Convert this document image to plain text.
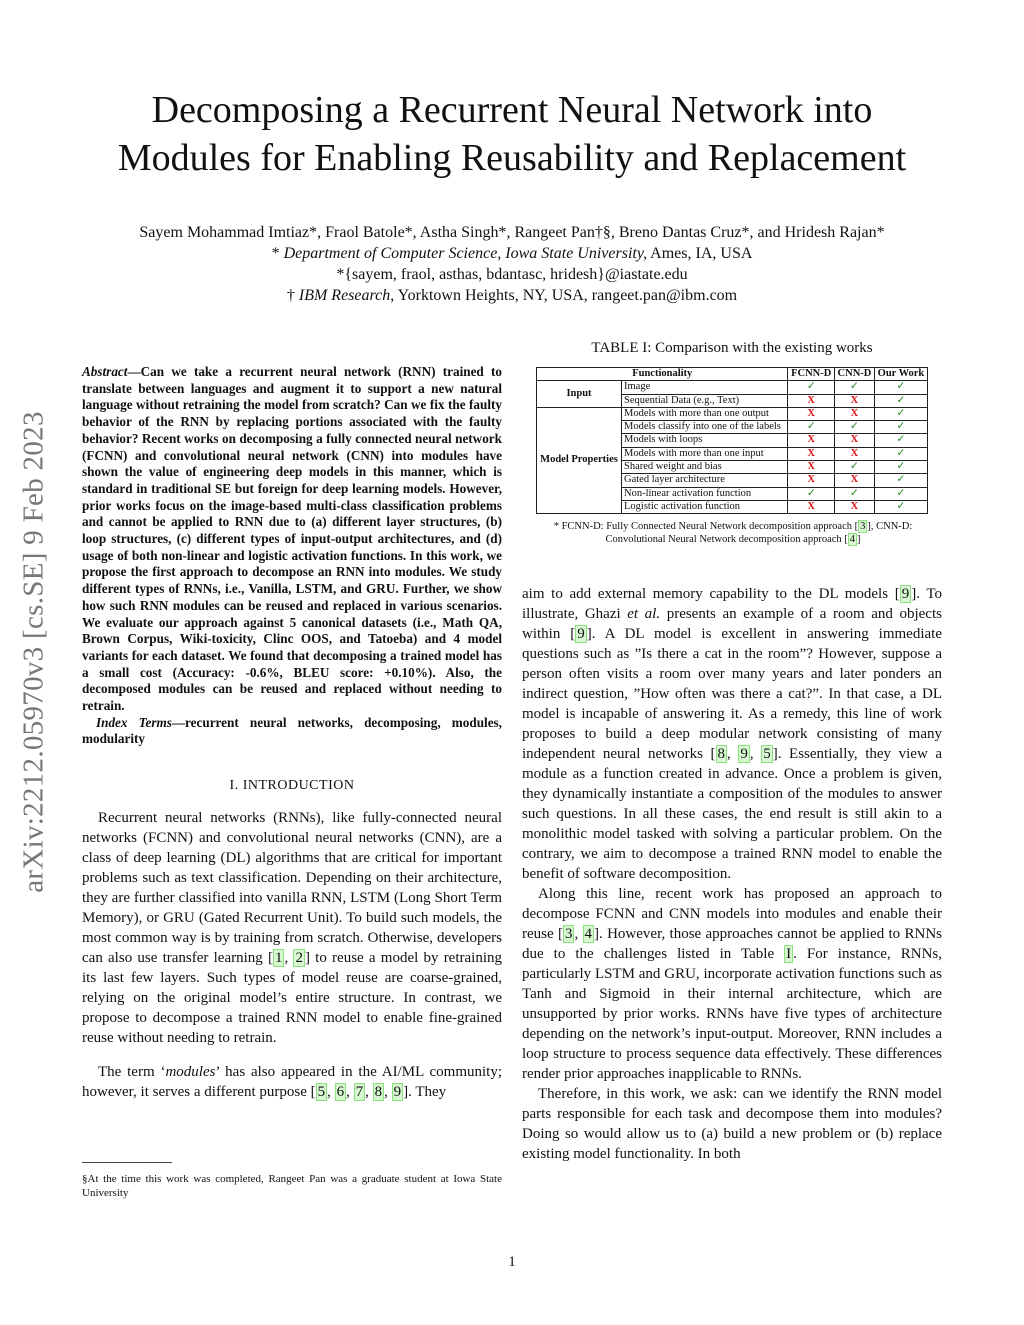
arXiv:2212.05970v3 [cs.SE] 9 Feb 2023
Decomposing a Recurrent Neural Network into
Modules for Enabling Reusability and Replacement
Sayem Mohammad Imtiaz*, Fraol Batole*, Astha Singh*, Rangeet Pan†§, Breno Dantas Cruz*, and Hridesh Rajan*
* Department of Computer Science, Iowa State University, Ames, IA, USA
*{sayem, fraol, asthas, bdantasc, hridesh}@iastate.edu
† IBM Research, Yorktown Heights, NY, USA, rangeet.pan@ibm.com
Abstract—Can we take a recurrent neural network (RNN) trained to translate between languages and augment it to support a new natural language without retraining the model from scratch? Can we fix the faulty behavior of the RNN by replacing portions associated with the faulty behavior? Recent works on decomposing a fully connected neural network (FCNN) and convolutional neural network (CNN) into modules have shown the value of engineering deep models in this manner, which is standard in traditional SE but foreign for deep learning models. However, prior works focus on the image-based multi-class classification problems and cannot be applied to RNN due to (a) different layer structures, (b) loop structures, (c) different types of input-output architectures, and (d) usage of both non-linear and logistic activation functions. In this work, we propose the first approach to decompose an RNN into modules. We study different types of RNNs, i.e., Vanilla, LSTM, and GRU. Further, we show how such RNN modules can be reused and replaced in various scenarios. We evaluate our approach against 5 canonical datasets (i.e., Math QA, Brown Corpus, Wiki-toxicity, Clinc OOS, and Tatoeba) and 4 model variants for each dataset. We found that decomposing a trained model has a small cost (Accuracy: -0.6%, BLEU score: +0.10%). Also, the decomposed modules can be reused and replaced without needing to retrain.
Index Terms—recurrent neural networks, decomposing, modules, modularity
I. INTRODUCTION

Recurrent neural networks (RNNs), like fully-connected neural networks (FCNN) and convolutional neural networks (CNN), are a class of deep learning (DL) algorithms that are critical for important problems such as text classification. Depending on their architecture, they are further classified into vanilla RNN, LSTM (Long Short Term Memory), or GRU (Gated Recurrent Unit). To build such models, the most common way is by training from scratch. Otherwise, developers can also use transfer learning [ 1 , 2 ] to reuse a model by retraining its last few layers. Such types of model reuse are coarse-grained, relying on the original model’s entire structure. In contrast, we propose to decompose a trained RNN model to enable fine-grained reuse without needing to retrain.

The term ‘modules’ has also appeared in the AI/ML community; however, it serves a different purpose [ 5 , 6 , 7 , 8 , 9 ]. They

§At the time this work was completed, Rangeet Pan was a graduate student at Iowa State University
TABLE I: Comparison with the existing works
Functionality		FCNN-D	CNN-D	Our Work
Input	Image	✓	✓	✓
	Sequential Data (e.g., Text)	X	X	✓
Model Properties	Models with more than one output	X	X	✓
	Models classify into one of the labels	✓	✓	✓
	Models with loops	X	X	✓
	Models with more than one input	X	X	✓
	Shared weight and bias	X	✓	✓
	Gated layer architecture	X	X	✓
	Non-linear activation function	✓	✓	✓
	Logistic activation function	X	X	✓
* FCNN-D: Fully Connected Neural Network decomposition approach [ 3 ], CNN-D: Convolutional Neural Network decomposition approach [ 4 ]

aim to add external memory capability to the DL models [ 9 ]. To illustrate, Ghazi et al. presents an example of a room and objects within [ 9 ]. A DL model is excellent in answering immediate questions such as ”Is there a cat in the room”? However, suppose a person often visits a room over many years and later ponders an indirect question, ”How often was there a cat?”. In that case, a DL model is incapable of answering it. As a remedy, this line of work proposes to build a deep modular network consisting of many independent neural networks [ 8 , 9 , 5 ]. Essentially, they view a module as a function created in advance. Once a problem is given, they dynamically instantiate a composition of the modules to answer such questions. In all these cases, the end result is still akin to a monolithic model tasked with solving a particular problem. On the contrary, we aim to decompose a trained RNN model to enable the benefit of software decomposition.

Along this line, recent work has proposed an approach to decompose FCNN and CNN models into modules and enable their reuse [ 3 , 4 ]. However, those approaches cannot be applied to RNNs due to the challenges listed in Table I . For instance, RNNs, particularly LSTM and GRU, incorporate activation functions such as Tanh and Sigmoid in their internal architecture, which are unsupported by prior works. RNNs have five types of architecture depending on the network’s input-output. Moreover, RNN includes a loop structure to process sequence data effectively. These differences render prior approaches inapplicable to RNNs.

Therefore, in this work, we ask: can we identify the RNN model parts responsible for each task and decompose them into modules? Doing so would allow us to (a) build a new problem or (b) replace existing model functionality. In both

1
